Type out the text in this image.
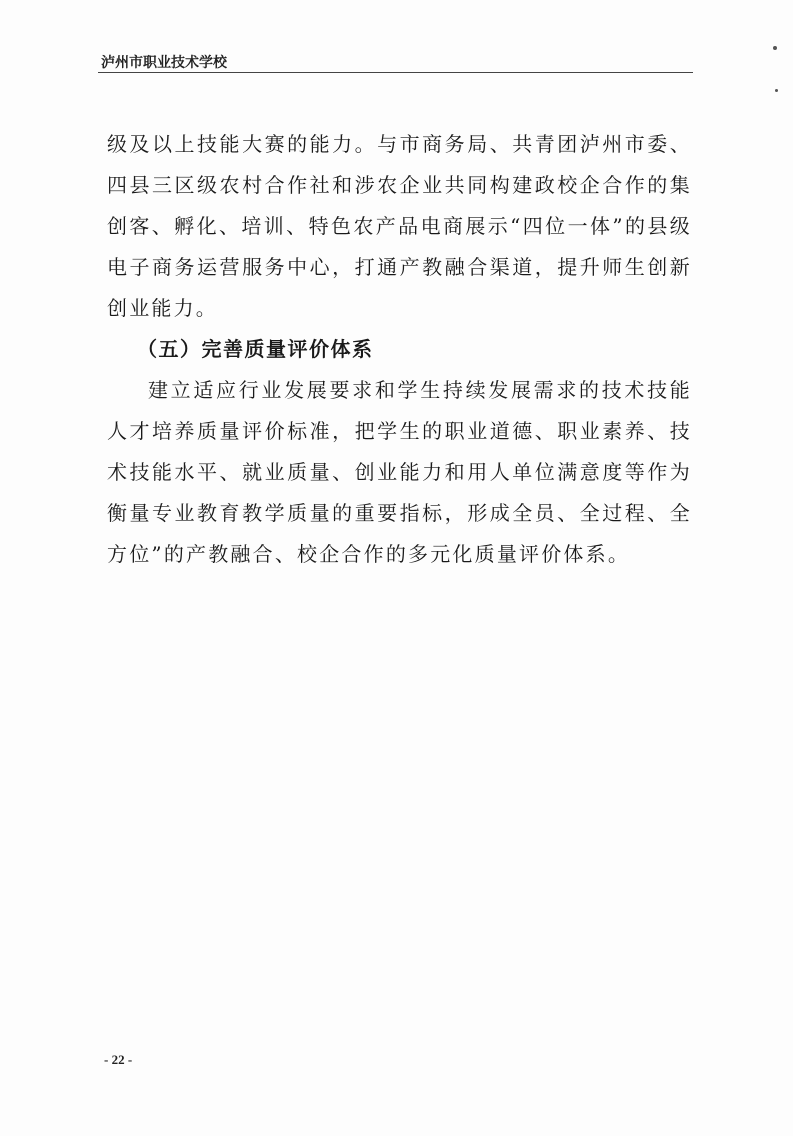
泸州市职业技术学校

级及以上技能大赛的能力。与市商务局、共青团泸州市委、四县三区级农村合作社和涉农企业共同构建政校企合作的集创客、孵化、培训、特色农产品电商展示“四位一体”的县级电子商务运营服务中心，打通产教融合渠道，提升师生创新创业能力。

（五）完善质量评价体系

建立适应行业发展要求和学生持续发展需求的技术技能人才培养质量评价标准，把学生的职业道德、职业素养、技术技能水平、就业质量、创业能力和用人单位满意度等作为衡量专业教育教学质量的重要指标，形成全员、全过程、全方位”的产教融合、校企合作的多元化质量评价体系。

- 22 -
